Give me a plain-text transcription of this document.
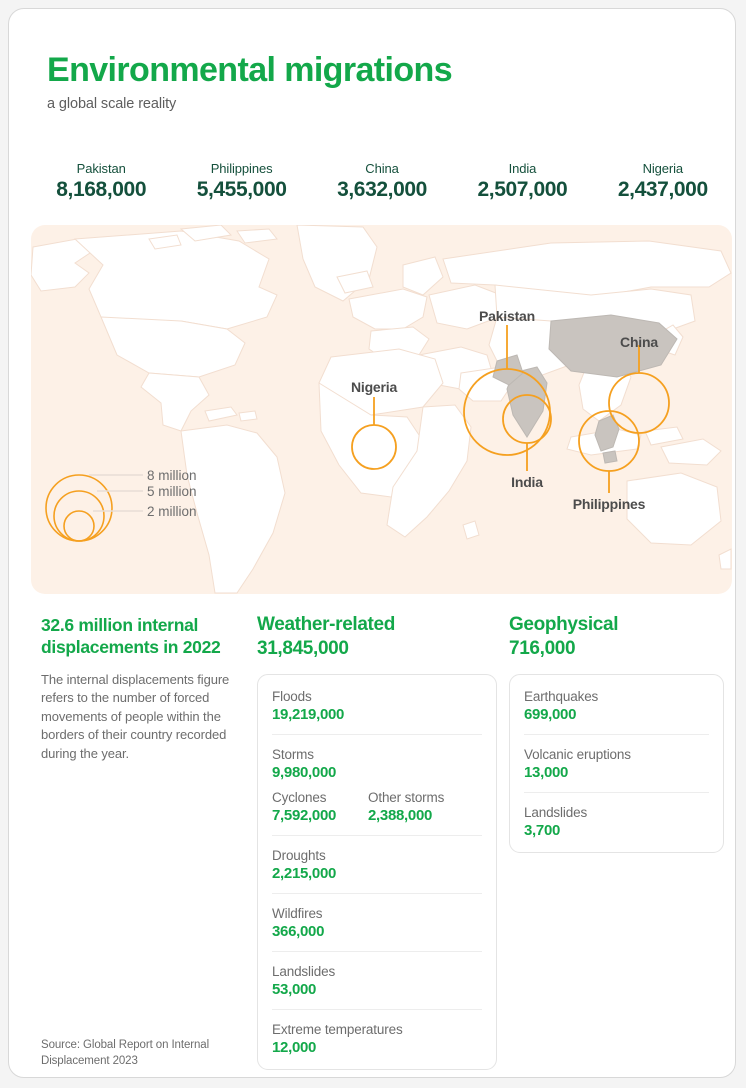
Environmental migrations
a global scale reality
Pakistan
8,168,000
Philippines
5,455,000
China
3,632,000
India
2,507,000
Nigeria
2,437,000
Pakistan
China
Nigeria
India
Philippines
8 million
5 million
2 million
32.6 million internal displacements in 2022
The internal displacements figure refers to the number of forced movements of people within the borders of their country recorded during the year.
Weather-related
31,845,000
Floods
19,219,000
Storms
9,980,000
Cyclones
7,592,000
Other storms
2,388,000
Droughts
2,215,000
Wildfires
366,000
Landslides
53,000
Extreme temperatures
12,000
Geophysical
716,000
Earthquakes
699,000
Volcanic eruptions
13,000
Landslides
3,700
Source: Global Report on Internal Displacement 2023
